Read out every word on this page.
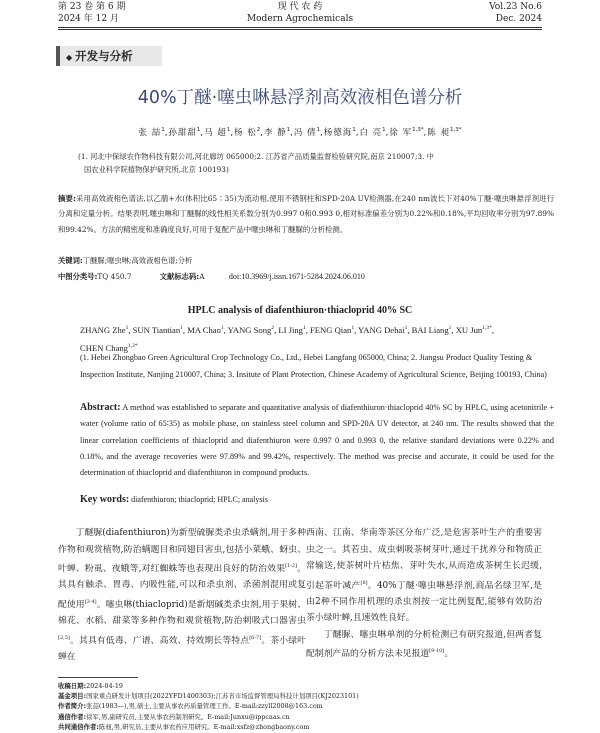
第 23 卷 第 6 期	现 代 农 药	Vol.23 No.6
2024 年 12 月	Modern Agrochemicals	Dec. 2024
◆ 开发与分析
40%丁醚·噻虫啉悬浮剂高效液相色谱分析
张 喆$^1$,孙甜甜$^1$,马 超$^1$,杨 松$^2$,李 静$^1$,冯 倩$^1$,杨德海$^1$,白 亮$^1$,徐 军$^{1,3*}$,陈 昶$^{1,3*}$
(1. 河北中保绿农作物科技有限公司,河北廊坊 065000;2. 江苏省产品质量监督检验研究院,南京 210007;3. 中
国农业科学院植物保护研究所,北京 100193)
摘要:采用高效液相色谱法,以乙腈+水(体积比65∶35)为流动相,使用不锈钢柱和SPD-20A UV检测器,在240 nm波长下对40%丁醚·噻虫啉悬浮剂进行分离和定量分析。结果表明,噻虫啉和丁醚脲的线性相关系数分别为0.997 0和0.993 0,相对标准偏差分别为0.22%和0.18%,平均回收率分别为97.89%和99.42%。方法的精密度和准确度良好,可用于复配产品中噻虫啉和丁醚脲的分析检测。
关键词:丁醚脲;噻虫啉;高效液相色谱;分析
中图分类号:TQ 450.7	文献标志码:A	doi:10.3969/j.issn.1671-5284.2024.06.010
HPLC analysis of diafenthiuron·thiacloprid 40% SC
ZHANG Zhe$^1$, SUN Tiantian$^1$, MA Chao$^1$, YANG Song$^2$, LI Jing$^1$, FENG Qian$^1$, YANG Dehai$^1$, BAI Liang$^1$, XU Jun$^{1,3*}$,
CHEN Chang$^{1,3*}$
(1. Hebei Zhongbao Green Agricultural Crop Technology Co., Ltd., Hebei Langfang 065000, China; 2. Jiangsu Product Quality Testing & Inspection Institute, Nanjing 210007, China; 3. Insitute of Plant Protection, Chinese Academy of Agricultural Science, Beijing 100193, China)
Abstract: A method was established to separate and quantitative analysis of diafenthiuron·thiacloprid 40% SC by HPLC, using acetonitrile + water (volume ratio of 65∶35) as mobile phase, on stainless steel column and SPD-20A UV detector, at 240 nm. The results showed that the linear correlation coefficients of thiacloprid and diafenthiuron were 0.997 0 and 0.993 0, the relative standard deviations were 0.22% and 0.18%, and the average recoveries were 97.89% and 99.42%, respectively. The method was precise and accurate, it could be used for the determination of thiacloprid and diafenthiuron in compound products.
Key words: diafenthiuron; thiacloprid; HPLC; analysis

丁醚脲(diafenthiuron)为新型硫脲类杀虫杀螨剂,用于多种作物和观赏植物,防治螨题目和同翅目害虫,包括小菜蛾、蚜虫、叶蝉、粉虱、夜蛾等,对红蜘蛛等也表现出良好的防治效果[1-2]。其具有触杀、胃毒、内吸性能,可以和杀虫剂、杀菌剂混用或复配使用[3-4]。噻虫啉(thiacloprid)是新烟碱类杀虫剂,用于果树、棉花、水稻、甜菜等多种作物和观赏植物,防治刺吸式口器害虫[2,5]。其具有低毒、广谱、高效、持效期长等特点[6-7]。茶小绿叶蝉在

西南、江南、华南等茶区分布广泛,是危害茶叶生产的重要害虫之一。其若虫、成虫刺吸茶树芽叶,通过干扰养分和物质正常输送,使茶树叶片枯焦、芽叶失水,从而造成茶树生长迟缓,引起茶叶减产[8]。40%丁醚·噻虫啉悬浮剂,商品名绿卫军,是由2种不同作用机理的杀虫剂按一定比例复配,能够有效防治茶小绿叶蝉,且速效性良好。

丁醚脲、噻虫啉单剂的分析检测已有研究报道,但两者复配制剂产品的分析方法未见报道[9-10]。

收稿日期:2024-04-19
基金项目:国家重点研发计划项目(2022YFD1400303);江苏省市场监督管理局科技计划项目(KJ2023101)
作者简介:张喆(1983—),男,硕士,主要从事农药质量管理工作。E-mail:zzyll2008@163.com
通信作者:徐军,男,副研究员,主要从事农药制剂研究。E-mail:Junxu@ippcaas.cn
共同通信作者:陈昶,男,研究员,主要从事农药应用研究。E-mail:xsfz@zhongbaony.com
